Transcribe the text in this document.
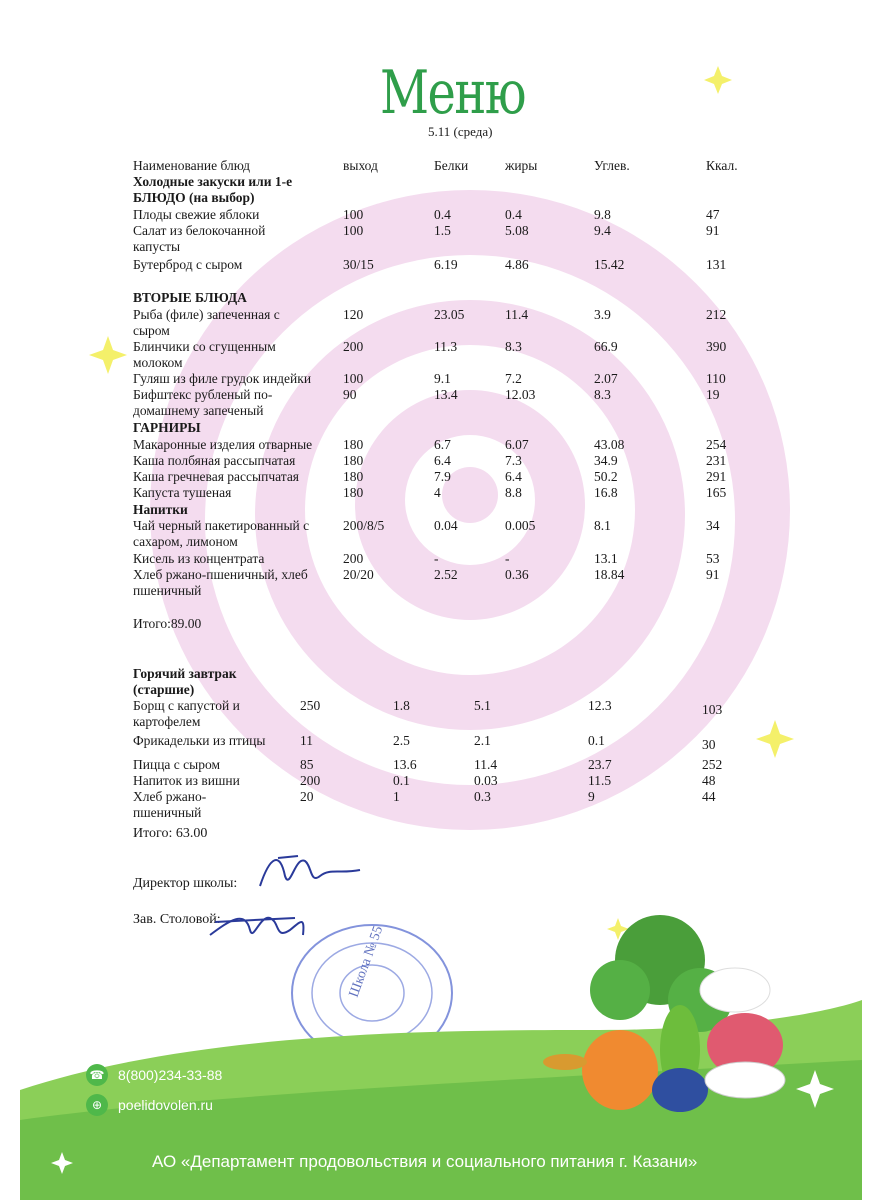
Меню
5.11 (среда)
Наименование блюд	выход	Белки	жиры	Углев.	Ккал.
Холодные закуски или 1-е
БЛЮДО (на выбор)
Плоды свежие яблоки	100	0.4	0.4	9.8	47
Салат из белокочанной
капусты
100	1.5	5.08	9.4	91
Бутерброд с сыром	30/15	6.19	4.86	15.42	131
ВТОРЫЕ БЛЮДА
Рыба (филе) запеченная с
сыром
120	23.05	11.4	3.9	212
Блинчики со сгущенным
молоком
200	11.3	8.3	66.9	390
Гуляш из филе грудок индейки 100	9.1	7.2	2.07	110
Бифштекс рубленый по-
домашнему запеченый
90	13.4	12.03	8.3	19
ГАРНИРЫ
Макаронные изделия отварные 180	6.7	6.07	43.08	254
Каша полбяная рассыпчатая	180	6.4	7.3	34.9	231
Каша гречневая рассыпчатая	180	7.9	6.4	50.2	291
Капуста тушеная	180	4	8.8	16.8	165
Напитки
Чай черный пакетированный с
сахаром, лимоном
200/8/5	0.04	0.005	8.1	34
Кисель из концентрата	200	-	-	13.1	53
Хлеб ржано-пшеничный, хлеб
пшеничный
20/20	2.52	0.36	18.84	91
Итого:89.00
Горячий завтрак
(старшие)
Борщ с капустой и
картофелем
250	1.8	5.1	12.3	103
Фрикадельки из птицы	11	2.5	2.1	0.1	30
Пицца с сыром	85	13.6	11.4	23.7	252
Напиток из вишни	200	0.1	0.03	11.5	48
Хлеб ржано-
пшеничный
20	1	0.3	9	44
Итого: 63.00
Директор школы:
Зав. Столовой:
Школа № 55
☎ 8(800)234-33-88
⊕	poelidovolen.ru
АО «Департамент продовольствия и социального питания г. Казани»
